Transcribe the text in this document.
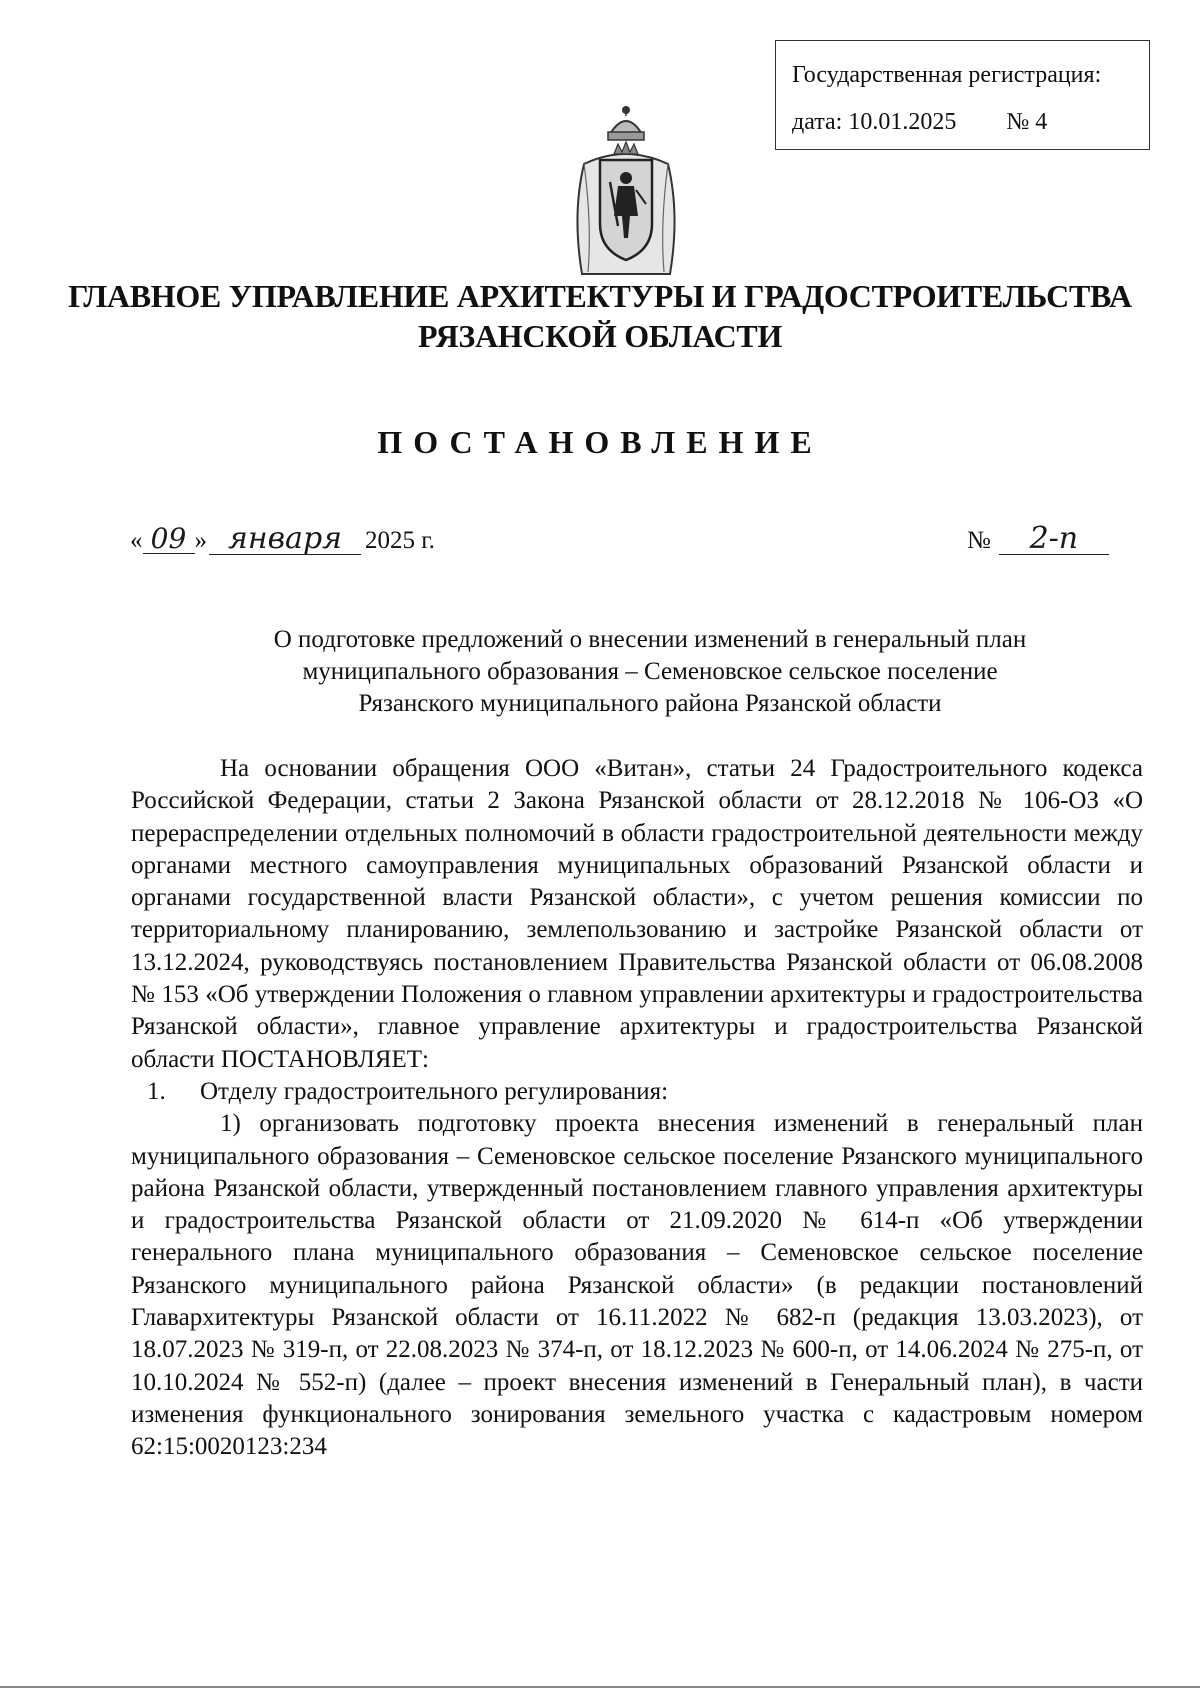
Государственная регистрация:
дата: 10.01.2025 № 4
ГЛАВНОЕ УПРАВЛЕНИЕ АРХИТЕКТУРЫ И ГРАДОСТРОИТЕЛЬСТВА
РЯЗАНСКОЙ ОБЛАСТИ
ПОСТАНОВЛЕНИЕ
« 09 » января 2025 г.	№	2-п
О подготовке предложений о внесении изменений в генеральный план
муниципального образования – Семеновское сельское поселение
Рязанского муниципального района Рязанской области

На основании обращения ООО «Витан», статьи 24 Градостроительного кодекса Российской Федерации, статьи 2 Закона Рязанской области от 28.12.2018 № 106-ОЗ «О перераспределении отдельных полномочий в области градостроительной деятельности между органами местного самоуправления муниципальных образований Рязанской области и органами государственной власти Рязанской области», с учетом решения комиссии по территориальному планированию, землепользованию и застройке Рязанской области от 13.12.2024, руководствуясь постановлением Правительства Рязанской области от 06.08.2008 № 153 «Об утверждении Положения о главном управлении архитектуры и градостроительства Рязанской области», главное управление архитектуры и градостроительства Рязанской области ПОСТАНОВЛЯЕТ:

1. Отделу градостроительного регулирования:

1) организовать подготовку проекта внесения изменений в генеральный план муниципального образования – Семеновское сельское поселение Рязанского муниципального района Рязанской области, утвержденный постановлением главного управления архитектуры и градостроительства Рязанской области от 21.09.2020 № 614-п «Об утверждении генерального плана муниципального образования – Семеновское сельское поселение Рязанского муниципального района Рязанской области» (в редакции постановлений Главархитектуры Рязанской области от 16.11.2022 № 682-п (редакция 13.03.2023), от 18.07.2023 № 319-п, от 22.08.2023 № 374-п, от 18.12.2023 № 600-п, от 14.06.2024 № 275-п, от 10.10.2024 № 552-п) (далее – проект внесения изменений в Генеральный план), в части изменения функционального зонирования земельного участка с кадастровым номером 62:15:0020123:234
